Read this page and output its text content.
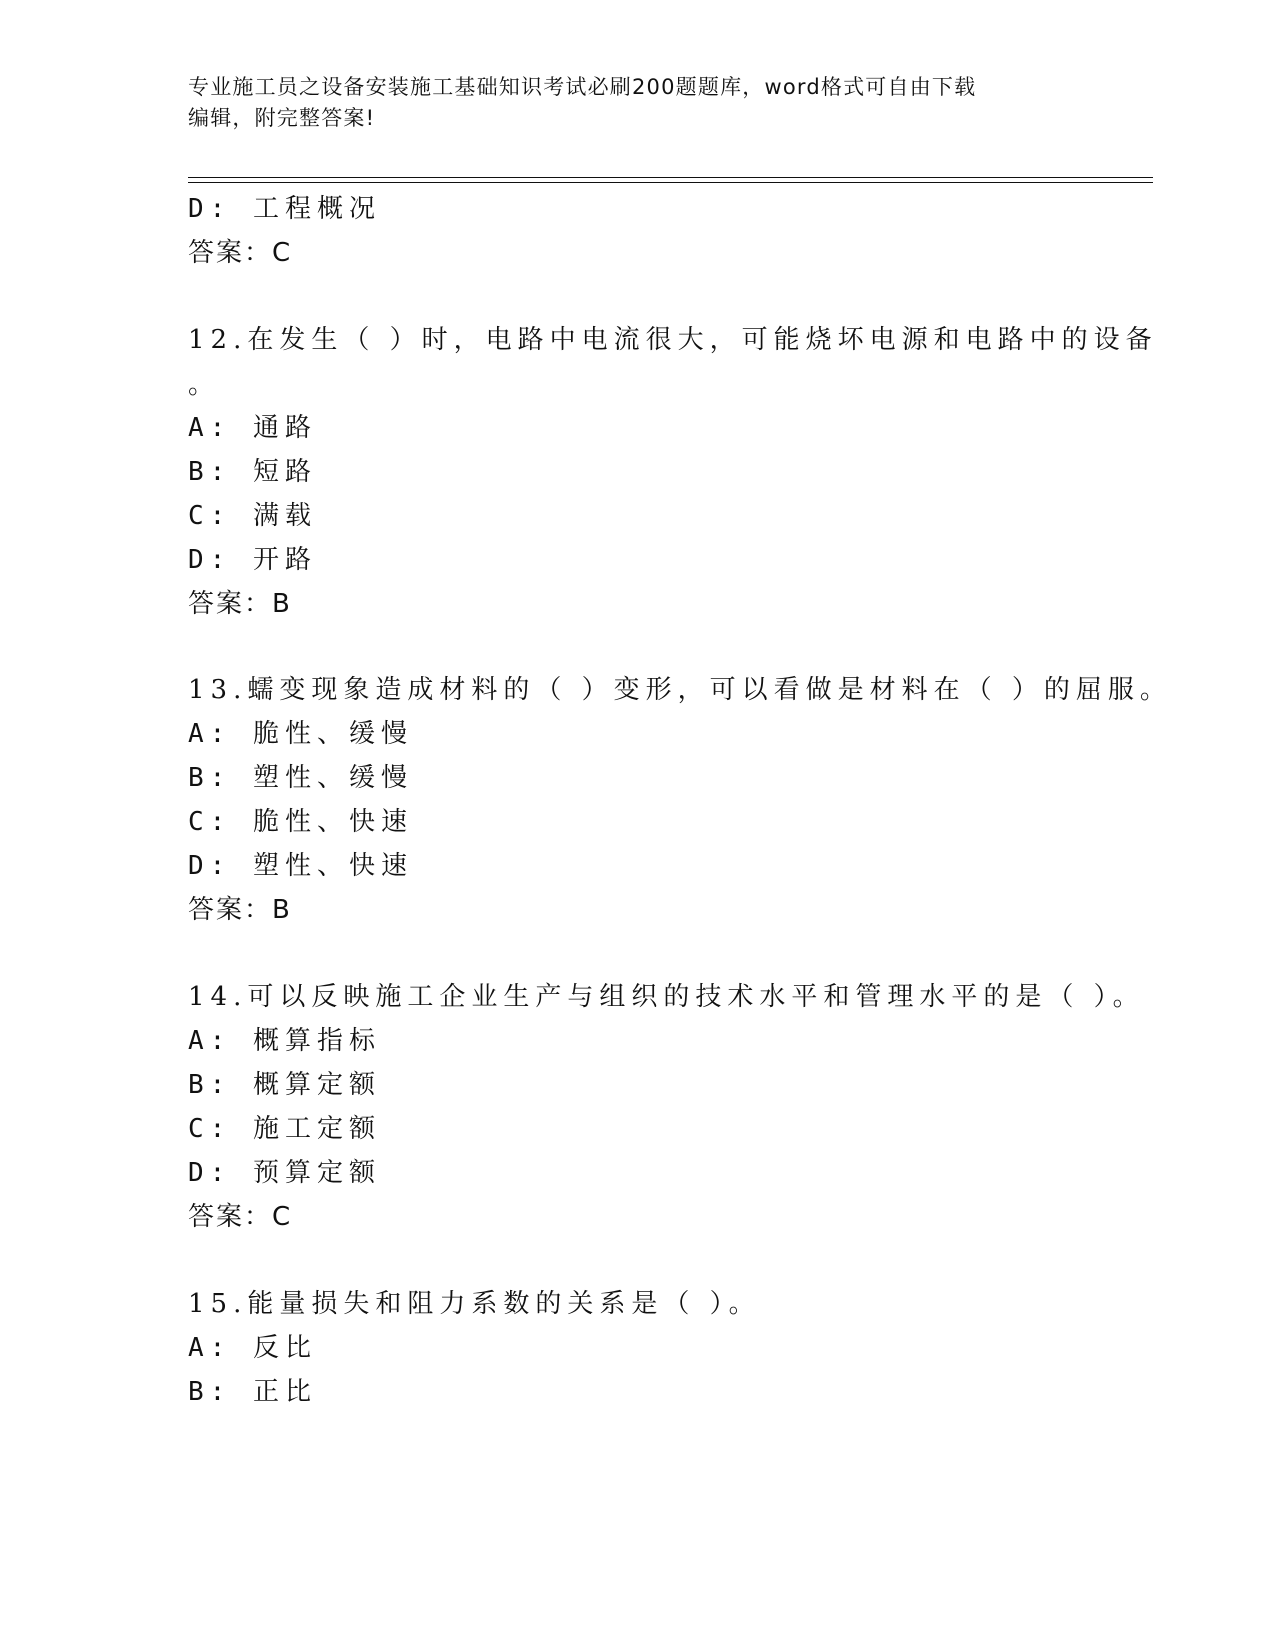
专业施工员之设备安装施工基础知识考试必刷200题题库，word格式可自由下载
编辑，附完整答案!
D: 工程概况
答案：C
12.在发生（ ）时，电路中电流很大，可能烧坏电源和电路中的设备
。
A: 通路
B: 短路
C: 满载
D: 开路
答案：B
13.蠕变现象造成材料的（ ）变形，可以看做是材料在（ ）的屈服。
A: 脆性、缓慢
B: 塑性、缓慢
C: 脆性、快速
D: 塑性、快速
答案：B
14.可以反映施工企业生产与组织的技术水平和管理水平的是（ ）。
A: 概算指标
B: 概算定额
C: 施工定额
D: 预算定额
答案：C
15.能量损失和阻力系数的关系是（ ）。
A: 反比
B: 正比
